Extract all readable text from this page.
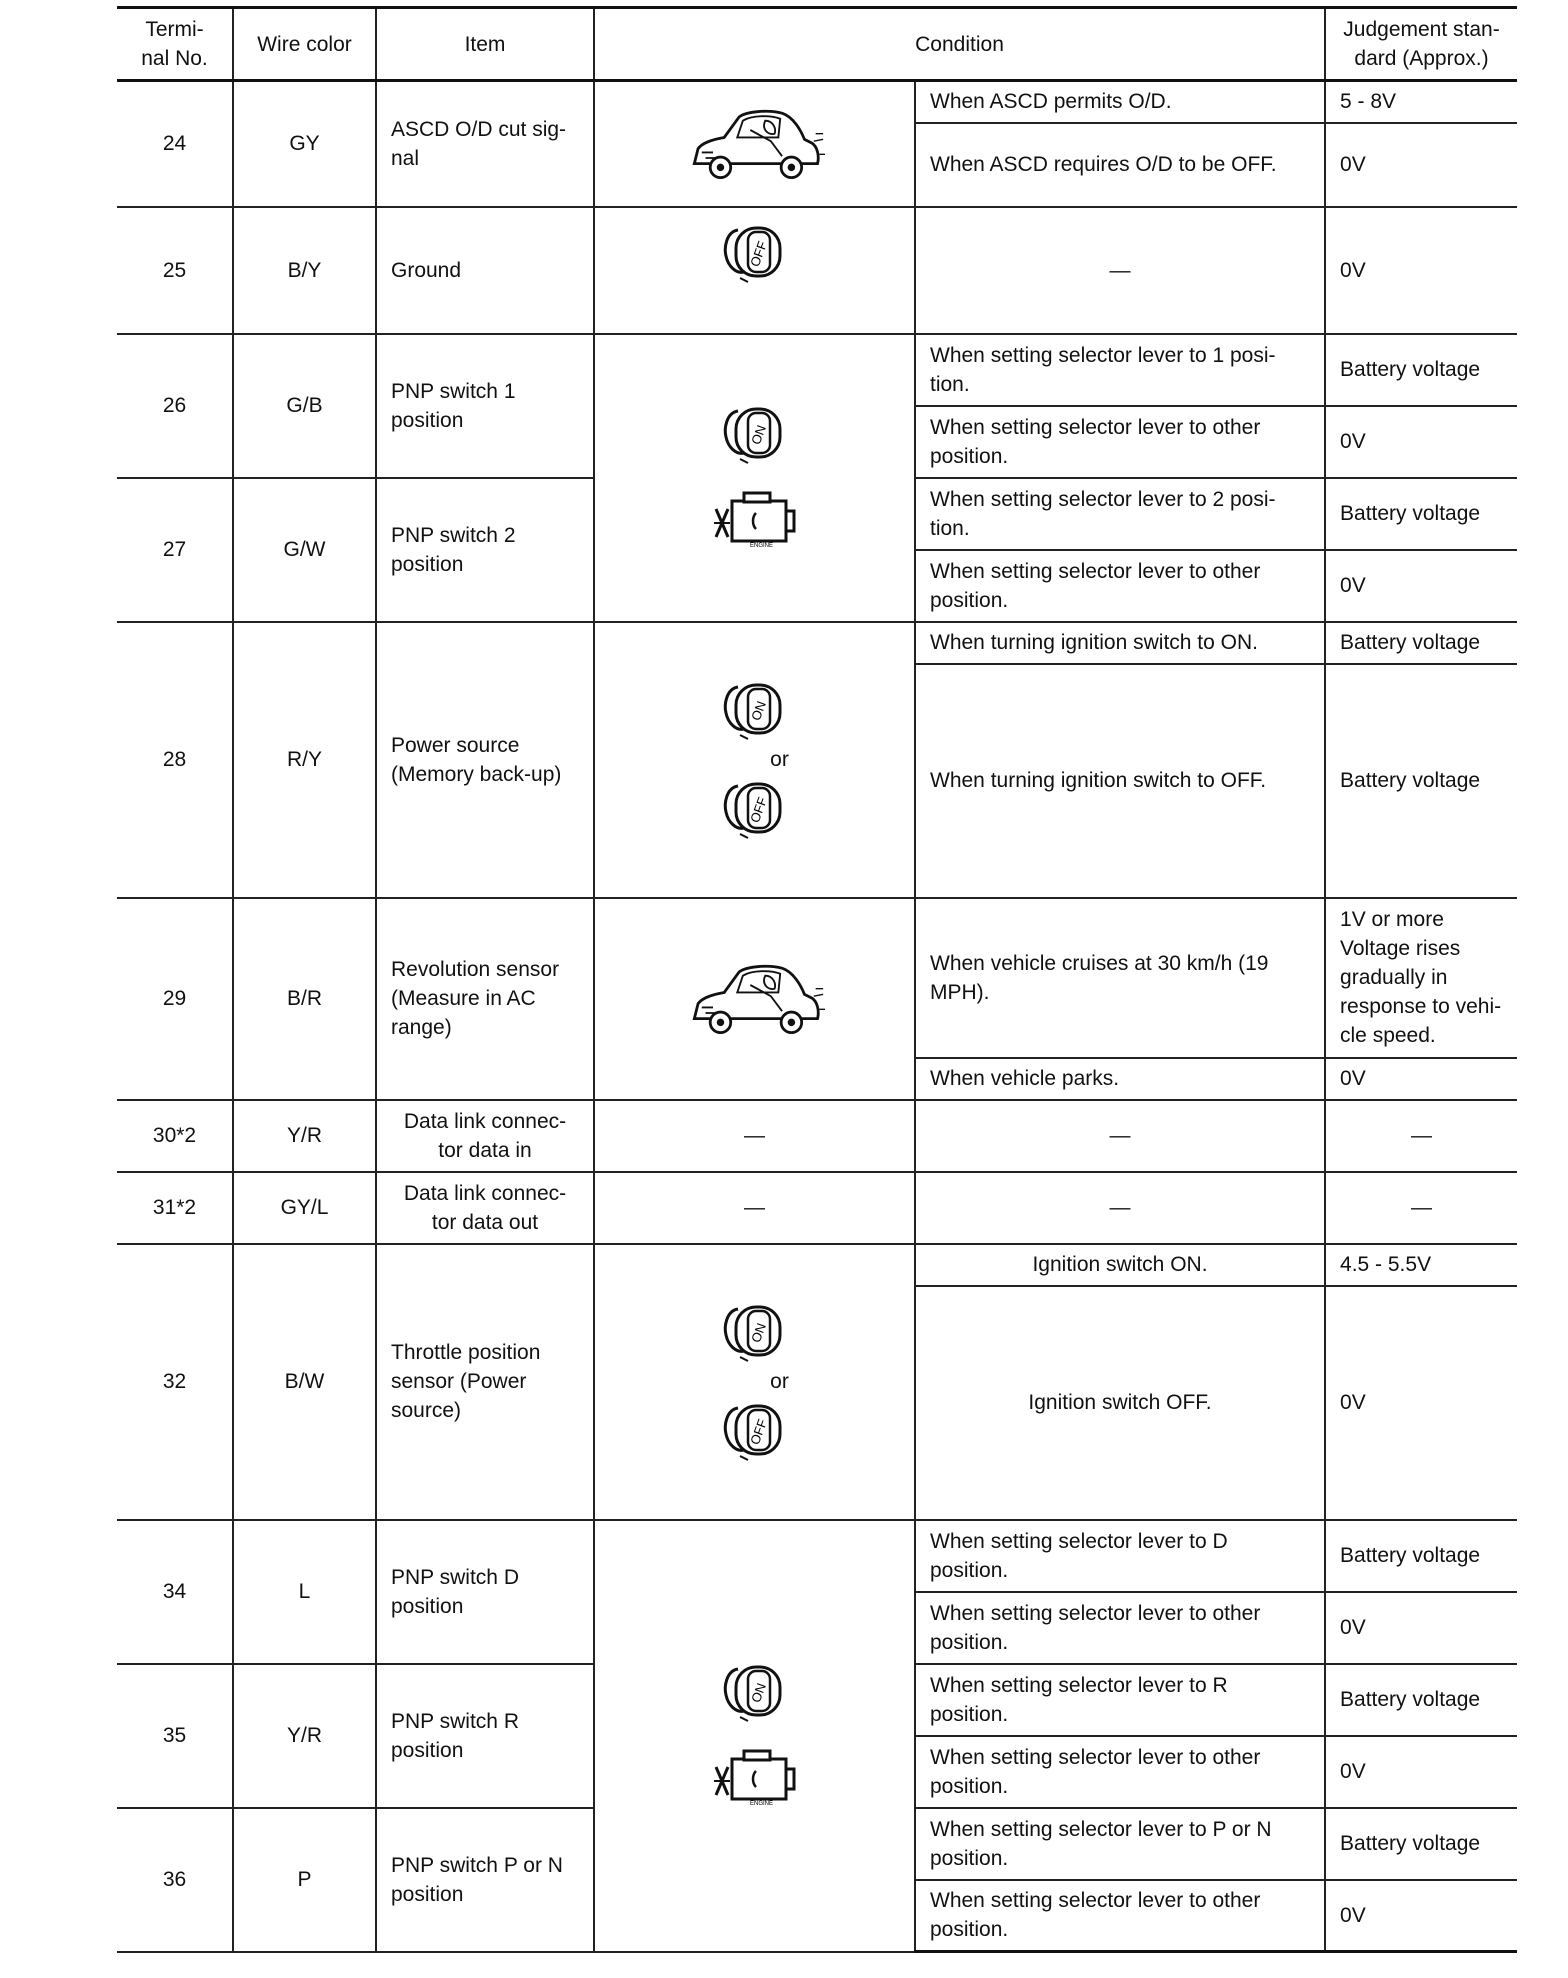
Termi-
nal No.	Wire color	Item	Condition		Judgement stan-
dard (Approx.)
24	GY	ASCD O/D cut sig-
nal		When ASCD permits O/D.	5 - 8V
				When ASCD requires O/D to be OFF.	0V
25	B/Y	Ground		—	0V
26	G/B	PNP switch 1
position		When setting selector lever to 1 posi-
tion.	Battery voltage
				When setting selector lever to other position.	0V
27	G/W	PNP switch 2
position		When setting selector lever to 2 posi-
tion.	Battery voltage
				When setting selector lever to other position.	0V
28	R/Y	Power source
(Memory back-up)	or	When turning ignition switch to ON.	Battery voltage
				When turning ignition switch to OFF.	Battery voltage
29	B/R	Revolution sensor
(Measure in AC
range)		When vehicle cruises at 30 km/h (19 MPH).	1V or more
Voltage rises
gradually in
response to vehi-
cle speed.
				When vehicle parks.	0V
30*2	Y/R	Data link connec-
tor data in	—	—	—
31*2	GY/L	Data link connec-
tor data out	—	—	—
32	B/W	Throttle position
sensor (Power
source)	or	Ignition switch ON.	4.5 - 5.5V
				Ignition switch OFF.	0V
34	L	PNP switch D
position		When setting selector lever to D
position.	Battery voltage
				When setting selector lever to other position.	0V
35	Y/R	PNP switch R
position		When setting selector lever to R
position.	Battery voltage
				When setting selector lever to other position.	0V
36	P	PNP switch P or N
position		When setting selector lever to P or N
position.	Battery voltage
				When setting selector lever to other position.	0V
